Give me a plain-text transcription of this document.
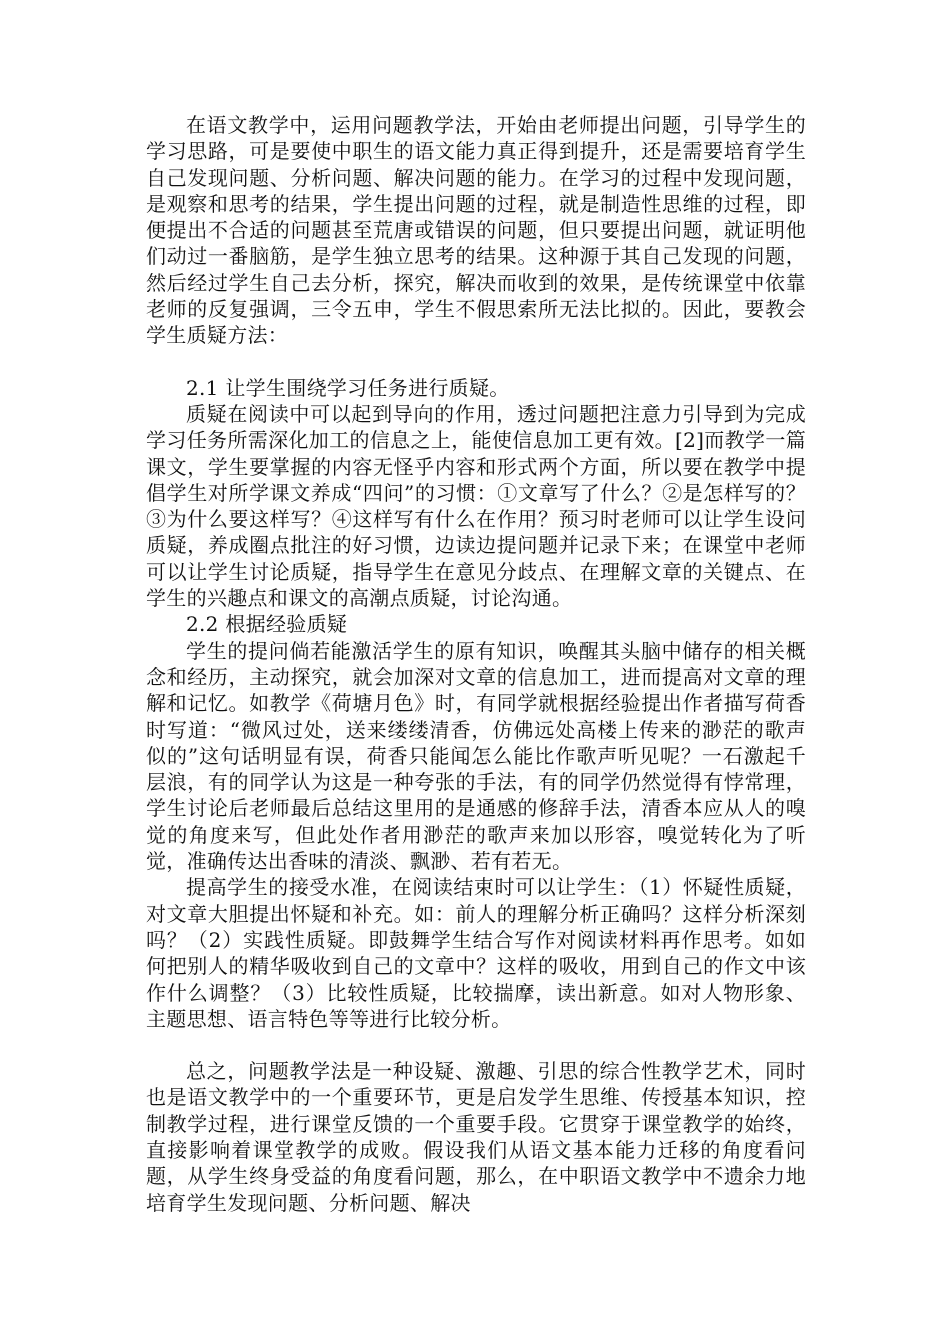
在语文教学中，运用问题教学法，开始由老师提出问题，引导学生的学习思路，可是要使中职生的语文能力真正得到提升，还是需要培育学生自己发现问题、分析问题、解决问题的能力。在学习的过程中发现问题，是观察和思考的结果，学生提出问题的过程，就是制造性思维的过程，即便提出不合适的问题甚至荒唐或错误的问题，但只要提出问题，就证明他们动过一番脑筋，是学生独立思考的结果。这种源于其自己发现的问题，然后经过学生自己去分析，探究，解决而收到的效果，是传统课堂中依靠老师的反复强调，三令五申，学生不假思索所无法比拟的。因此，要教会学生质疑方法：

2.1 让学生围绕学习任务进行质疑。

质疑在阅读中可以起到导向的作用，透过问题把注意力引导到为完成学习任务所需深化加工的信息之上，能使信息加工更有效。[2]而教学一篇课文，学生要掌握的内容无怪乎内容和形式两个方面，所以要在教学中提倡学生对所学课文养成“四问”的习惯：①文章写了什么？②是怎样写的？③为什么要这样写？④这样写有什么在作用？预习时老师可以让学生设问质疑，养成圈点批注的好习惯，边读边提问题并记录下来；在课堂中老师可以让学生讨论质疑，指导学生在意见分歧点、在理解文章的关键点、在学生的兴趣点和课文的高潮点质疑，讨论沟通。

2.2 根据经验质疑

学生的提问倘若能激活学生的原有知识，唤醒其头脑中储存的相关概念和经历，主动探究，就会加深对文章的信息加工，进而提高对文章的理解和记忆。如教学《荷塘月色》时，有同学就根据经验提出作者描写荷香时写道：“微风过处，送来缕缕清香，仿佛远处高楼上传来的渺茫的歌声似的”这句话明显有误，荷香只能闻怎么能比作歌声听见呢？一石激起千层浪，有的同学认为这是一种夸张的手法，有的同学仍然觉得有悖常理，学生讨论后老师最后总结这里用的是通感的修辞手法，清香本应从人的嗅觉的角度来写，但此处作者用渺茫的歌声来加以形容，嗅觉转化为了听觉，准确传达出香味的清淡、飘渺、若有若无。

提高学生的接受水准，在阅读结束时可以让学生：（1）怀疑性质疑，对文章大胆提出怀疑和补充。如：前人的理解分析正确吗？这样分析深刻吗？（2）实践性质疑。即鼓舞学生结合写作对阅读材料再作思考。如如何把别人的精华吸收到自己的文章中？这样的吸收，用到自己的作文中该作什么调整？（3）比较性质疑，比较揣摩，读出新意。如对人物形象、主题思想、语言特色等等进行比较分析。

总之，问题教学法是一种设疑、激趣、引思的综合性教学艺术，同时也是语文教学中的一个重要环节，更是启发学生思维、传授基本知识，控制教学过程，进行课堂反馈的一个重要手段。它贯穿于课堂教学的始终，直接影响着课堂教学的成败。假设我们从语文基本能力迁移的角度看问题，从学生终身受益的角度看问题，那么，在中职语文教学中不遗余力地培育学生发现问题、分析问题、解决
